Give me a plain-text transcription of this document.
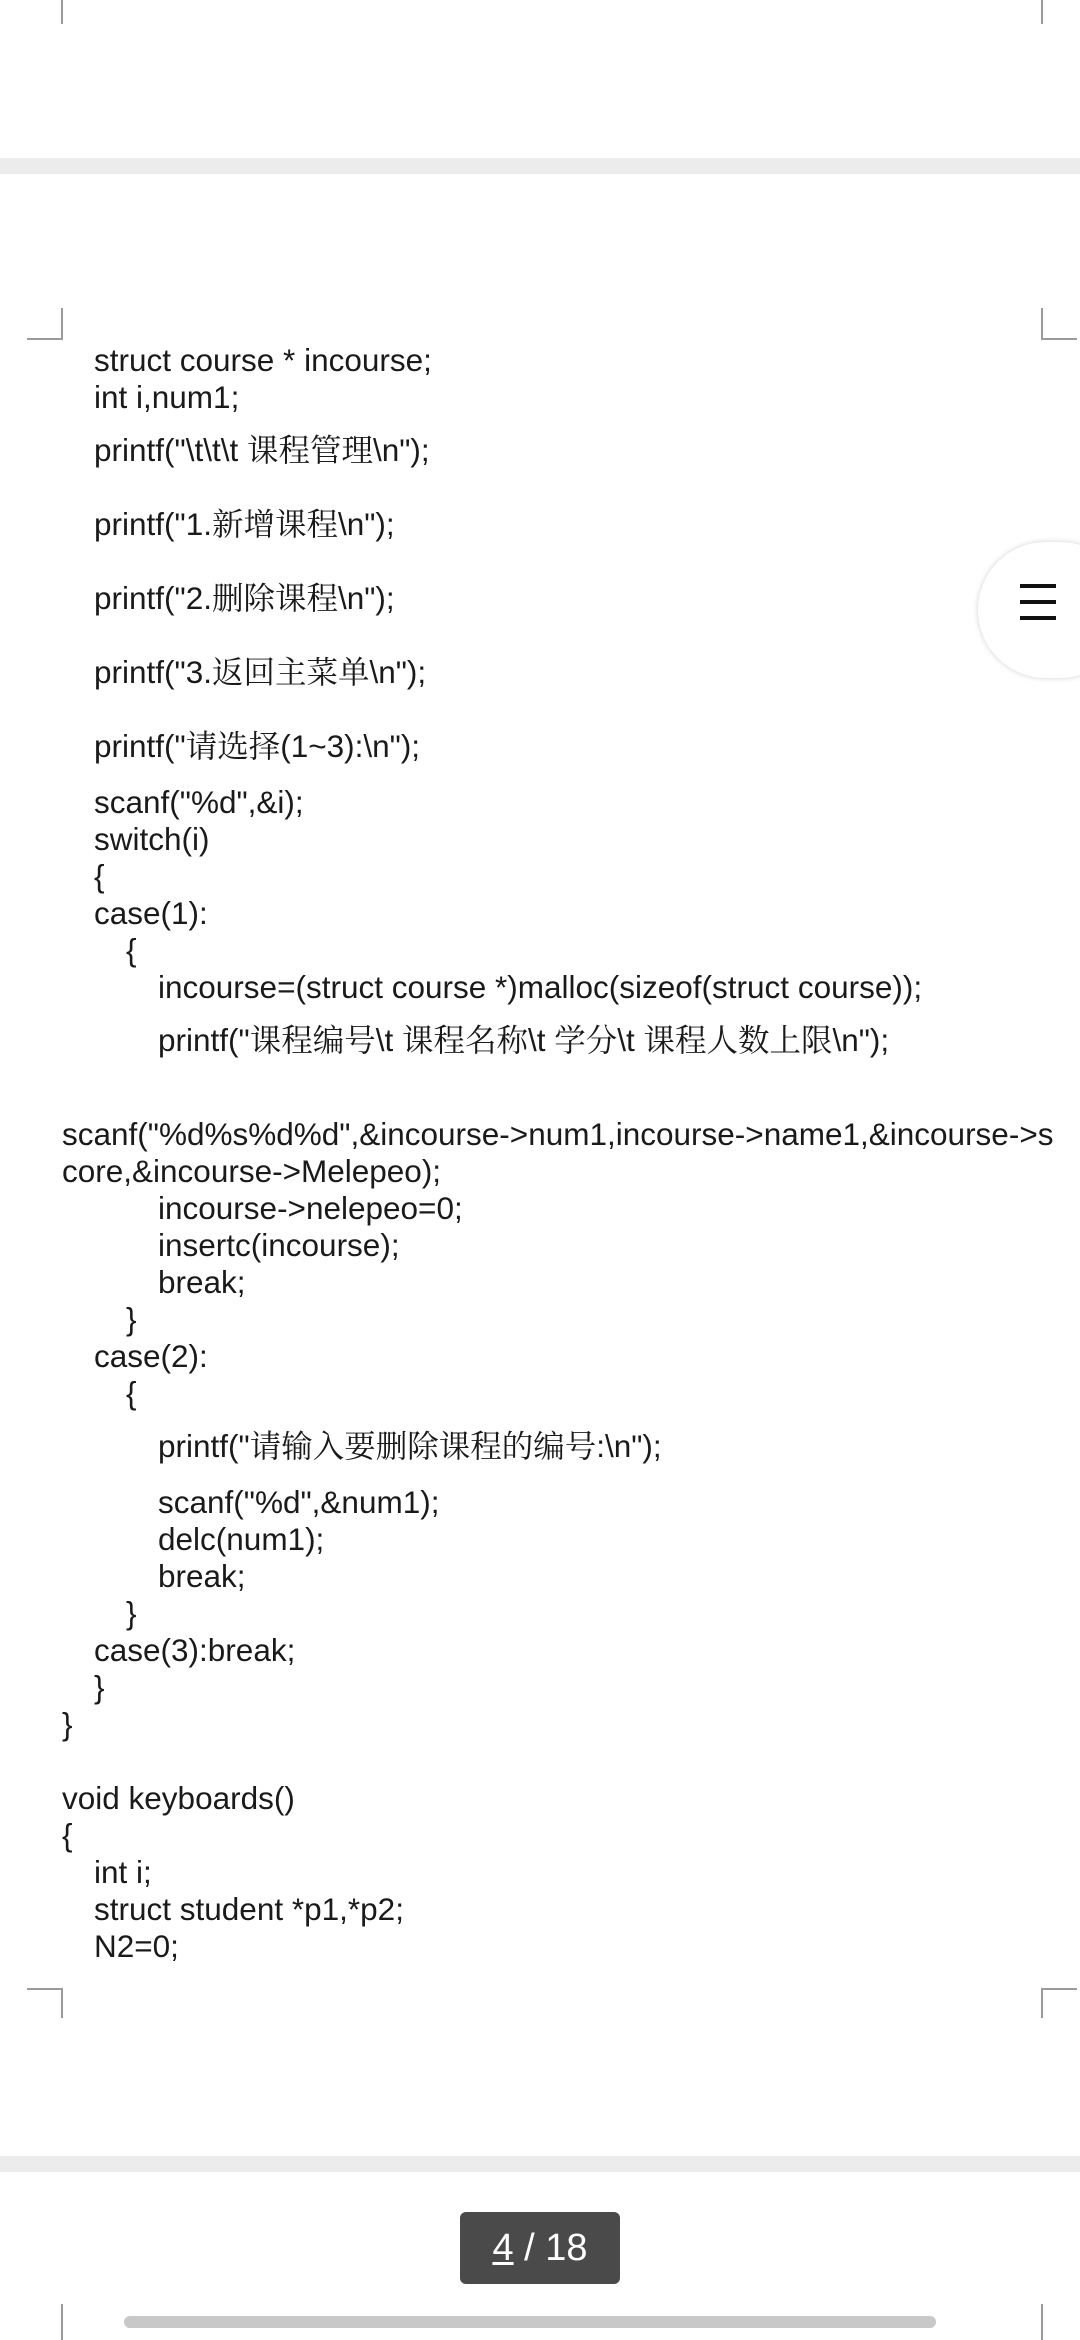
struct course * incourse;

int i,num1;

printf("\t\t\t 课程管理\n");

printf("1.新增课程\n");

printf("2.删除课程\n");

printf("3.返回主菜单\n");

printf("请选择(1~3):\n");

scanf("%d",&i);

switch(i)

{

case(1):

{

incourse=(struct course *)malloc(sizeof(struct course));

printf("课程编号\t 课程名称\t 学分\t 课程人数上限\n");

scanf("%d%s%d%d",&incourse->num1,incourse->name1,&incourse->s

core,&incourse->Melepeo);

incourse->nelepeo=0;

insertc(incourse);

break;

}

case(2):

{

printf("请输入要删除课程的编号:\n");

scanf("%d",&num1);

delc(num1);

break;

}

case(3):break;

}

}

void keyboards()

{

int i;

struct student *p1,*p2;

N2=0;

4 / 18
